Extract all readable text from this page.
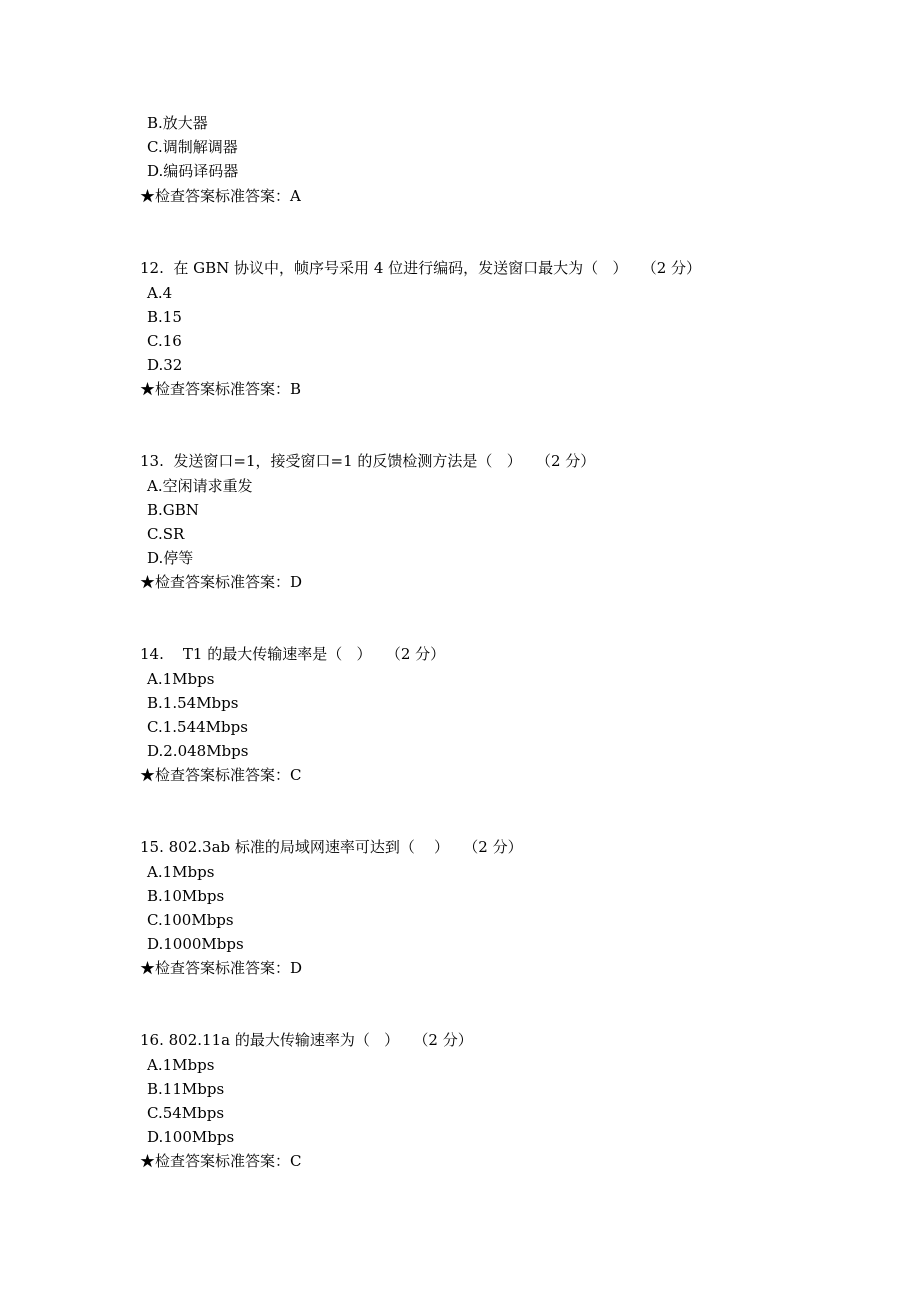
B.放大器
C.调制解调器
D.编码译码器
★检查答案标准答案：A
12.  在 GBN 协议中，帧序号采用 4 位进行编码，发送窗口最大为（   ）   （2 分）
A.4
B.15
C.16
D.32
★检查答案标准答案：B
13.  发送窗口=1，接受窗口=1 的反馈检测方法是（   ）   （2 分）
A.空闲请求重发
B.GBN
C.SR
D.停等
★检查答案标准答案：D
14.    T1 的最大传输速率是（   ）   （2 分）
A.1Mbps
B.1.54Mbps
C.1.544Mbps
D.2.048Mbps
★检查答案标准答案：C
15. 802.3ab 标准的局域网速率可达到（    ）   （2 分）
A.1Mbps
B.10Mbps
C.100Mbps
D.1000Mbps
★检查答案标准答案：D
16. 802.11a 的最大传输速率为（   ）   （2 分）
A.1Mbps
B.11Mbps
C.54Mbps
D.100Mbps
★检查答案标准答案：C
